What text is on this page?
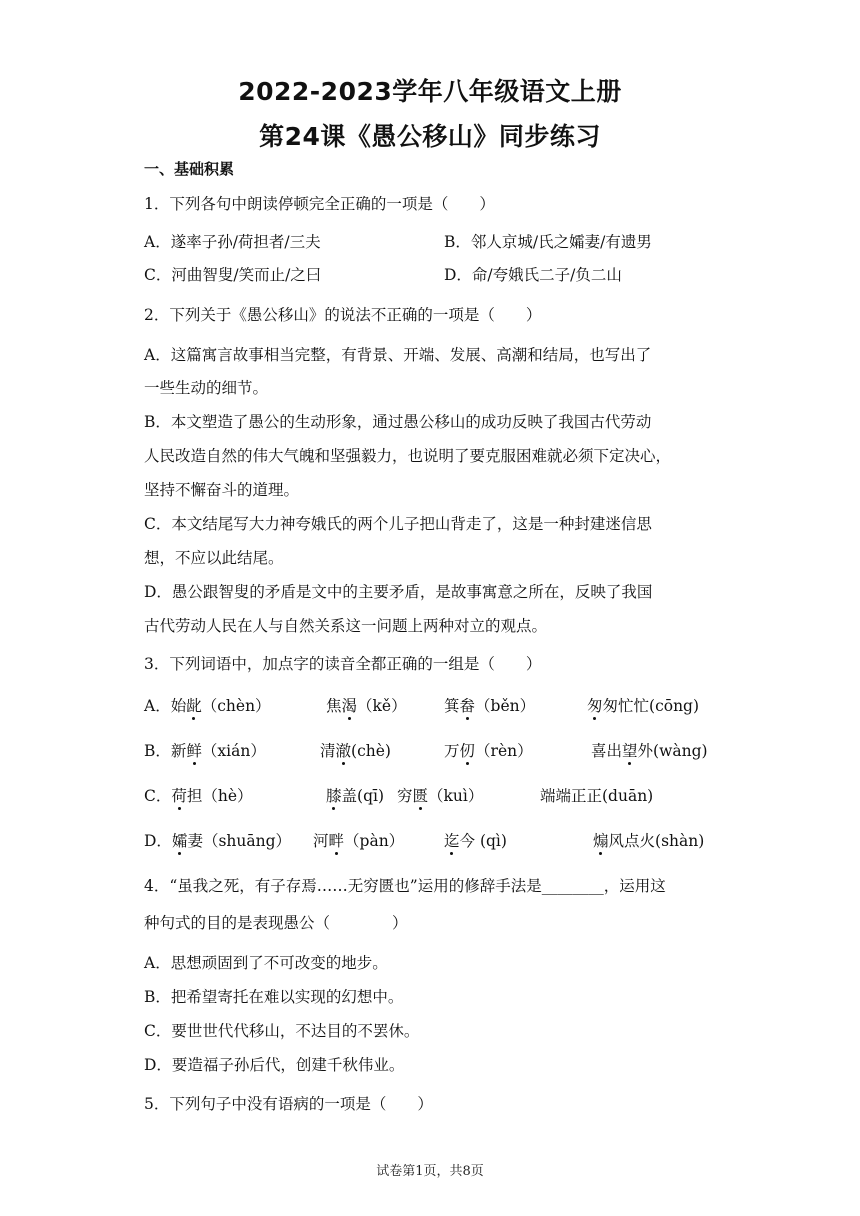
2022-2023学年八年级语文上册
第24课《愚公移山》同步练习
一、基础积累
1．下列各句中朗读停顿完全正确的一项是（　　）
A．遂率子孙/荷担者/三夫	B．邻人京城/氏之孀妻/有遗男
C．河曲智叟/笑而止/之曰	D．命/夸娥氏二子/负二山
2．下列关于《愚公移山》的说法不正确的一项是（　　）
A．这篇寓言故事相当完整，有背景、开端、发展、高潮和结局，也写出了
一些生动的细节。
B．本文塑造了愚公的生动形象，通过愚公移山的成功反映了我国古代劳动
人民改造自然的伟大气魄和坚强毅力，也说明了要克服困难就必须下定决心，
坚持不懈奋斗的道理。
C．本文结尾写大力神夸娥氏的两个儿子把山背走了，这是一种封建迷信思
想，不应以此结尾。
D．愚公跟智叟的矛盾是文中的主要矛盾，是故事寓意之所在，反映了我国
古代劳动人民在人与自然关系这一问题上两种对立的观点。
3．下列词语中，加点字的读音全都正确的一组是（　　）
A．始龀（chèn）	焦渴（kě） 箕畚（běn）	匆匆忙忙(cōng)
B．新鲜（xián）	清澈(chè)	万仞（rèn）	喜出望外(wàng)
C．荷担（hè）	膝盖(qī) 穷匮（kuì）	端端正正(duān)
D．孀妻（shuāng） 河畔（pàn）	迄今 (qì)	煽风点火(shàn)
4．“虽我之死，有子存焉……无穷匮也”运用的修辞手法是________，运用这
种句式的目的是表现愚公（　　　　）
A．思想顽固到了不可改变的地步。
B．把希望寄托在难以实现的幻想中。
C．要世世代代移山，不达目的不罢休。
D．要造福子孙后代，创建千秋伟业。
5．下列句子中没有语病的一项是（　　）
试卷第1页，共8页
